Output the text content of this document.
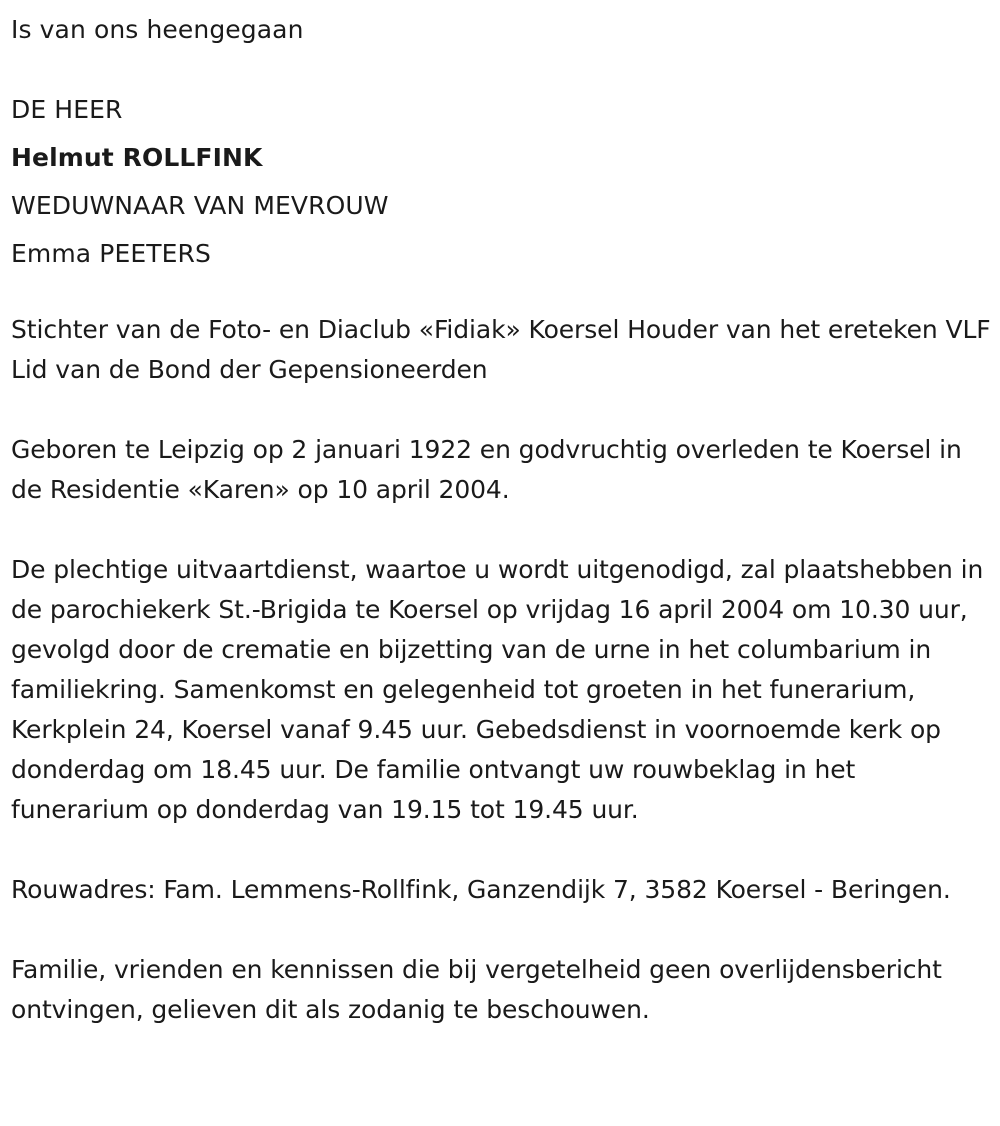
Is van ons heengegaan

DE HEER

Helmut ROLLFINK

WEDUWNAAR VAN MEVROUW

Emma PEETERS

Stichter van de Foto- en Diaclub «Fidiak» Koersel Houder van het ereteken VLF Lid van de Bond der Gepensioneerden

Geboren te Leipzig op 2 januari 1922 en godvruchtig overleden te Koersel in de Residentie «Karen» op 10 april 2004.

De plechtige uitvaartdienst, waartoe u wordt uitgenodigd, zal plaatshebben in de parochiekerk St.-Brigida te Koersel op vrijdag 16 april 2004 om 10.30 uur, gevolgd door de crematie en bijzetting van de urne in het columbarium in familiekring. Samenkomst en gelegenheid tot groeten in het funerarium, Kerkplein 24, Koersel vanaf 9.45 uur. Gebedsdienst in voornoemde kerk op donderdag om 18.45 uur. De familie ontvangt uw rouwbeklag in het funerarium op donderdag van 19.15 tot 19.45 uur.

Rouwadres: Fam. Lemmens-Rollfink, Ganzendijk 7, 3582 Koersel - Beringen.

Familie, vrienden en kennissen die bij vergetelheid geen overlijdensbericht ontvingen, gelieven dit als zodanig te beschouwen.
